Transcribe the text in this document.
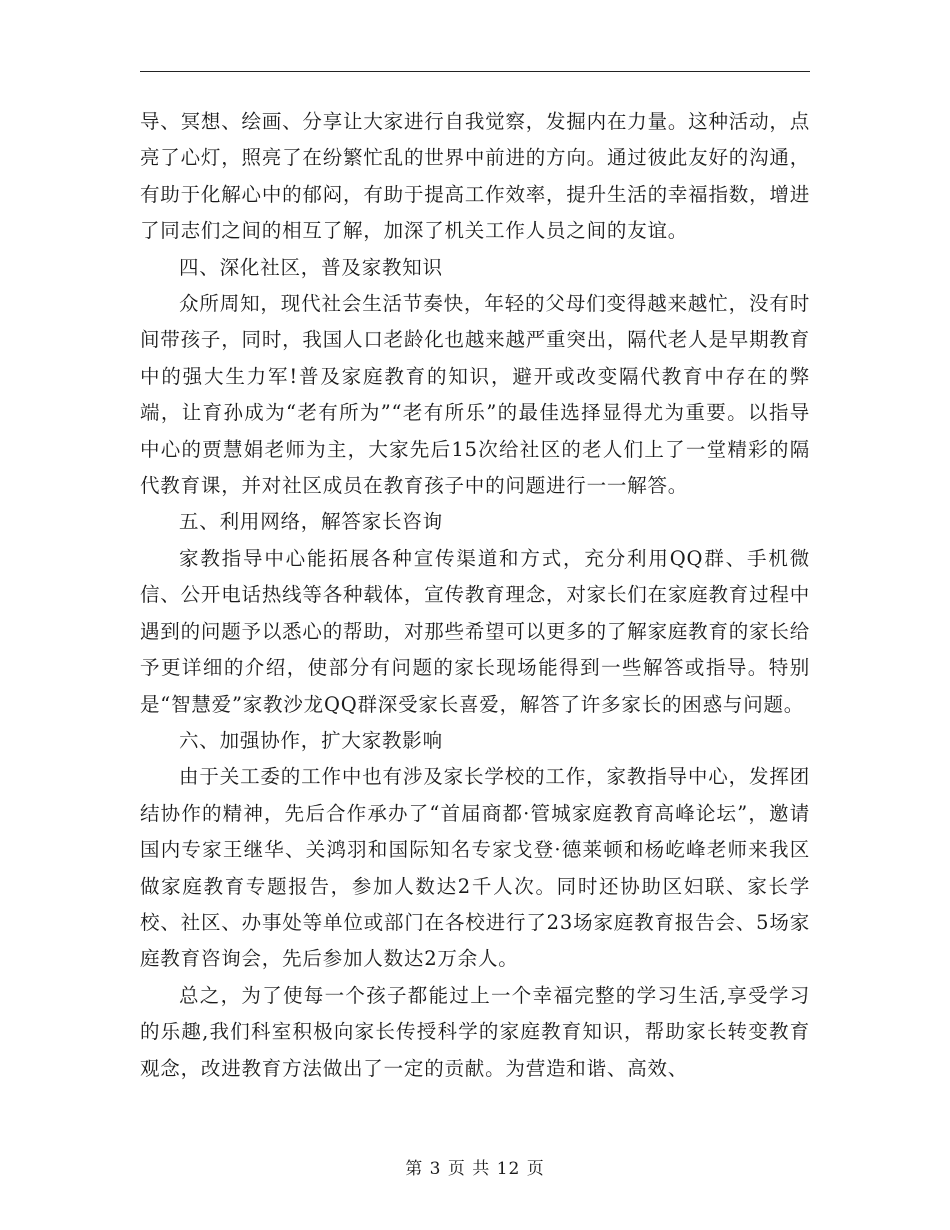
导、冥想、绘画、分享让大家进行自我觉察，发掘内在力量。这种活动，点亮了心灯，照亮了在纷繁忙乱的世界中前进的方向。通过彼此友好的沟通，有助于化解心中的郁闷，有助于提高工作效率，提升生活的幸福指数，增进了同志们之间的相互了解，加深了机关工作人员之间的友谊。

四、深化社区，普及家教知识

众所周知，现代社会生活节奏快，年轻的父母们变得越来越忙，没有时间带孩子，同时，我国人口老龄化也越来越严重突出，隔代老人是早期教育中的强大生力军!普及家庭教育的知识，避开或改变隔代教育中存在的弊端，让育孙成为“老有所为”“老有所乐”的最佳选择显得尤为重要。以指导中心的贾慧娟老师为主，大家先后15次给社区的老人们上了一堂精彩的隔代教育课，并对社区成员在教育孩子中的问题进行一一解答。

五、利用网络，解答家长咨询

家教指导中心能拓展各种宣传渠道和方式，充分利用QQ群、手机微信、公开电话热线等各种载体，宣传教育理念，对家长们在家庭教育过程中遇到的问题予以悉心的帮助，对那些希望可以更多的了解家庭教育的家长给予更详细的介绍，使部分有问题的家长现场能得到一些解答或指导。特别是“智慧爱”家教沙龙QQ群深受家长喜爱，解答了许多家长的困惑与问题。

六、加强协作，扩大家教影响

由于关工委的工作中也有涉及家长学校的工作，家教指导中心，发挥团结协作的精神，先后合作承办了“首届商都·管城家庭教育高峰论坛”，邀请国内专家王继华、关鸿羽和国际知名专家戈登·德莱顿和杨屹峰老师来我区做家庭教育专题报告，参加人数达2千人次。同时还协助区妇联、家长学校、社区、办事处等单位或部门在各校进行了23场家庭教育报告会、5场家庭教育咨询会，先后参加人数达2万余人。

总之，为了使每一个孩子都能过上一个幸福完整的学习生活,享受学习的乐趣,我们科室积极向家长传授科学的家庭教育知识，帮助家长转变教育观念，改进教育方法做出了一定的贡献。为营造和谐、高效、

第 3 页 共 12 页
